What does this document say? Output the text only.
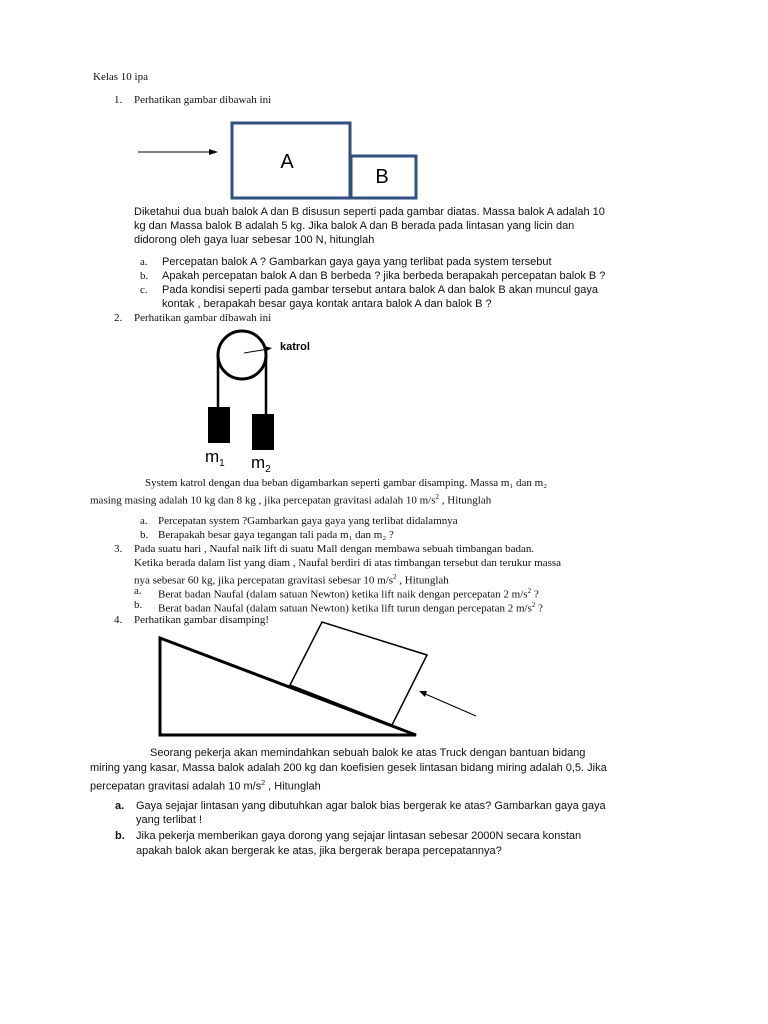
Kelas 10 ipa
1. Perhatikan gambar dibawah ini
A
B
Diketahui dua buah balok A dan B disusun seperti pada gambar diatas. Massa balok A adalah 10
kg dan Massa balok B adalah 5 kg. Jika balok A dan B berada pada lintasan yang licin dan
didorong oleh gaya luar sebesar 100 N, hitunglah
a. Percepatan balok A ? Gambarkan gaya gaya yang terlibat pada system tersebut
b. Apakah percepatan balok A dan B berbeda ? jika berbeda berapakah percepatan balok B ?
c. Pada kondisi seperti pada gambar tersebut antara balok A dan balok B akan muncul gaya
kontak , berapakah besar gaya kontak antara balok A dan balok B ?
2. Perhatikan gambar dibawah ini
katrol
$m_1$ $m_2$
System katrol dengan dua beban digambarkan seperti gambar disamping. Massa m₁ dan m₂
masing masing adalah 10 kg dan 8 kg , jika percepatan gravitasi adalah 10 $m/s^2$ , Hitunglah
a. Percepatan system ?Gambarkan gaya gaya yang terlibat didalamnya
b. Berapakah besar gaya tegangan tali pada m₁ dan m₂ ?
3. Pada suatu hari , Naufal naik lift di suatu Mall dengan membawa sebuah timbangan badan.
Ketika berada dalam list yang diam , Naufal berdiri di atas timbangan tersebut dan terukur massa
nya sebesar 60 kg, jika percepatan gravitasi sebesar 10 $m/s^2$ , Hitunglah
a. Berat badan Naufal (dalam satuan Newton) ketika lift naik dengan percepatan 2 $m/s^2$ ?
b. Berat badan Naufal (dalam satuan Newton) ketika lift turun dengan percepatan 2 $m/s^2$ ?
4. Perhatikan gambar disamping!
Seorang pekerja akan memindahkan sebuah balok ke atas Truck dengan bantuan bidang
miring yang kasar, Massa balok adalah 200 kg dan koefisien gesek lintasan bidang miring adalah 0,5. Jika
percepatan gravitasi adalah 10 $m/s^2$ , Hitunglah
a. Gaya sejajar lintasan yang dibutuhkan agar balok bias bergerak ke atas? Gambarkan gaya gaya
yang terlibat !
b. Jika pekerja memberikan gaya dorong yang sejajar lintasan sebesar 2000N secara konstan
apakah balok akan bergerak ke atas, jika bergerak berapa percepatannya?
